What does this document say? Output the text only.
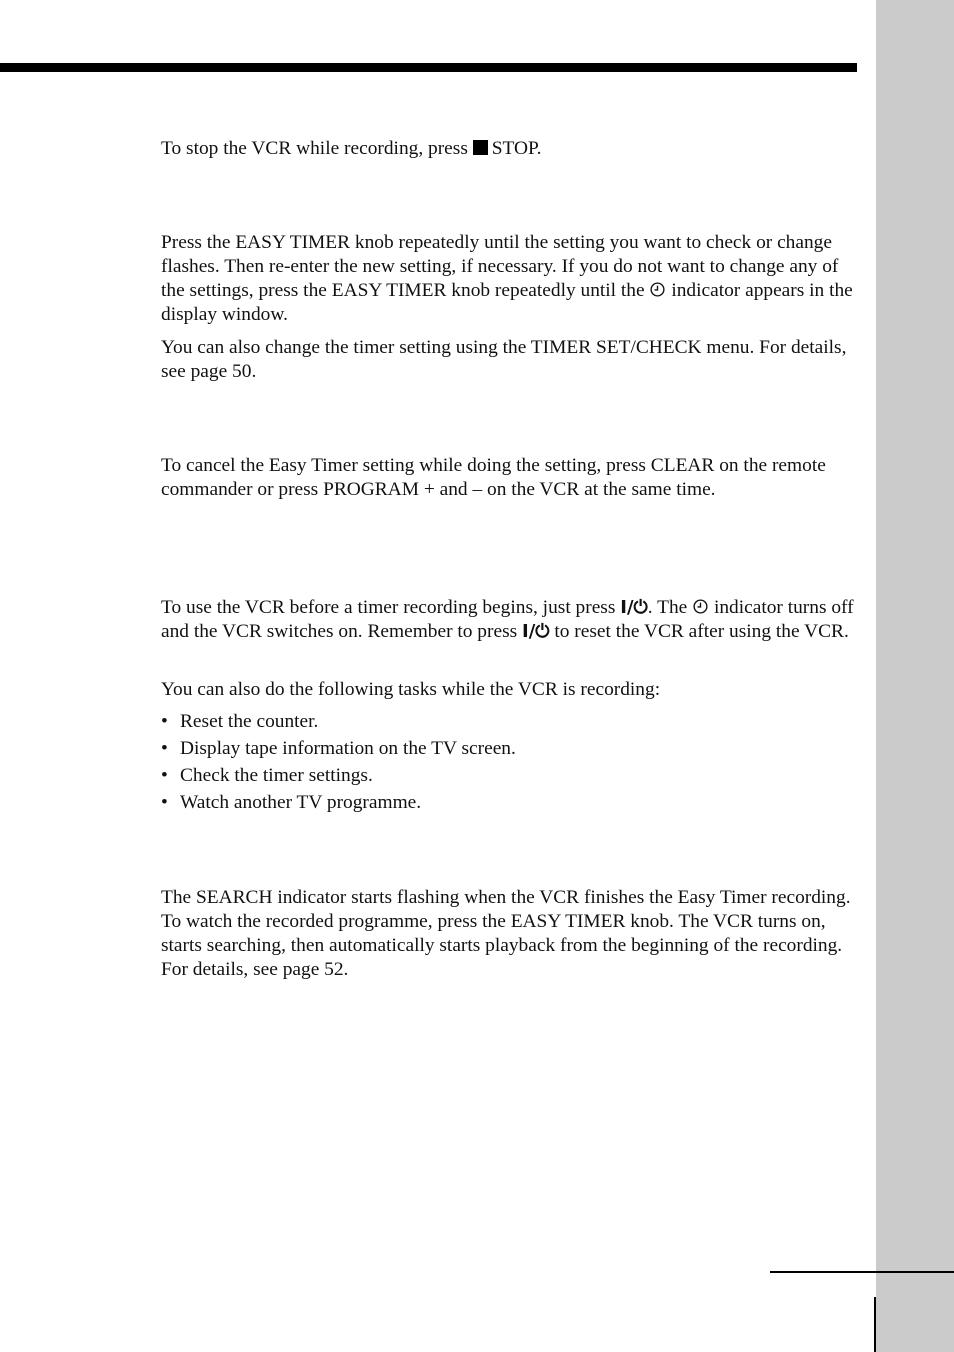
To stop the VCR while recording, press STOP.

Press the EASY TIMER knob repeatedly until the setting you want to check or change flashes. Then re-enter the new setting, if necessary. If you do not want to change any of the settings, press the EASY TIMER knob repeatedly until the  indicator appears in the display window.

You can also change the timer setting using the TIMER SET/CHECK menu. For details, see page 50.

To cancel the Easy Timer setting while doing the setting, press CLEAR on the remote commander or press PROGRAM + and – on the VCR at the same time.

To use the VCR before a timer recording begins, just press I/⏻. The  indicator turns off and the VCR switches on. Remember to press I/⏻ to reset the VCR after using the VCR.

You can also do the following tasks while the VCR is recording:

• Reset the counter.
• Display tape information on the TV screen.
• Check the timer settings.
• Watch another TV programme.

The SEARCH indicator starts flashing when the VCR finishes the Easy Timer recording. To watch the recorded programme, press the EASY TIMER knob. The VCR turns on, starts searching, then automatically starts playback from the beginning of the recording. For details, see page 52.
